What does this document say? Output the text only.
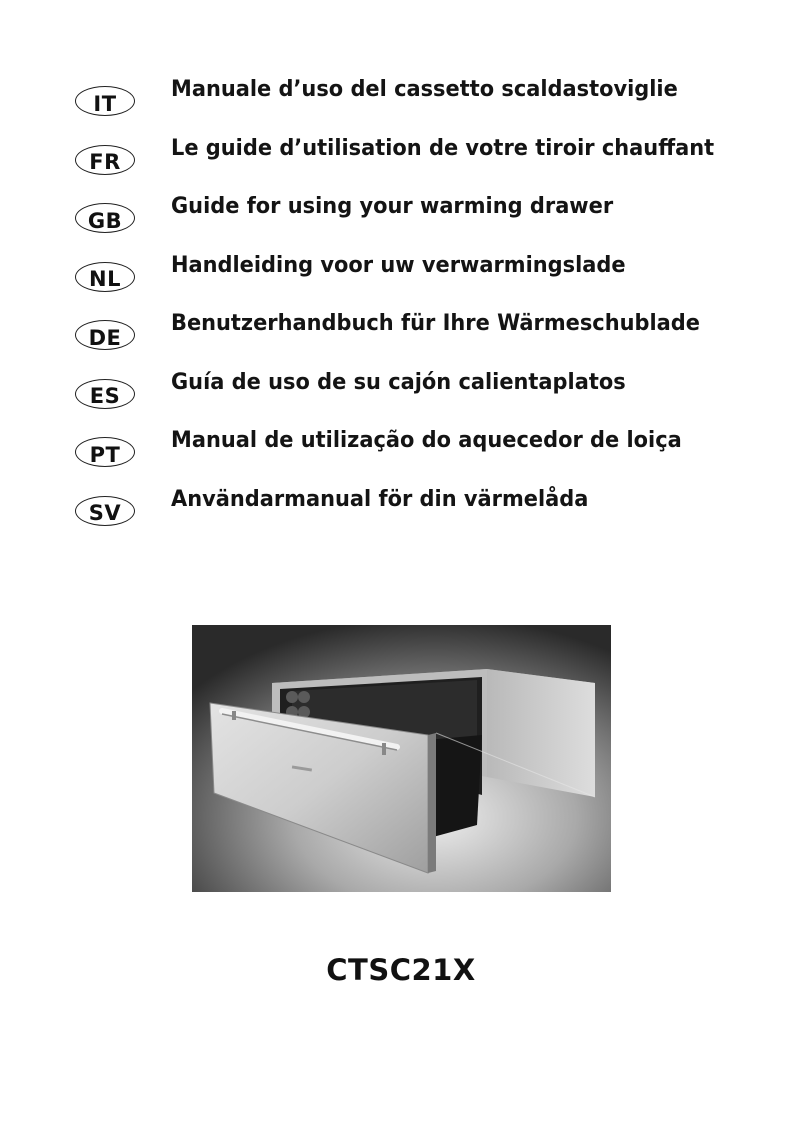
IT
Manuale d’uso del cassetto scaldastoviglie
FR
Le guide d’utilisation de votre tiroir chauffant
GB
Guide for using your warming drawer
NL
Handleiding voor uw verwarmingslade
DE
Benutzerhandbuch für Ihre Wärmeschublade
ES
Guía de uso de su cajón calientaplatos
PT
Manual de utilização do aquecedor de loiça
SV
Användarmanual för din värmelåda
CTSC21X
